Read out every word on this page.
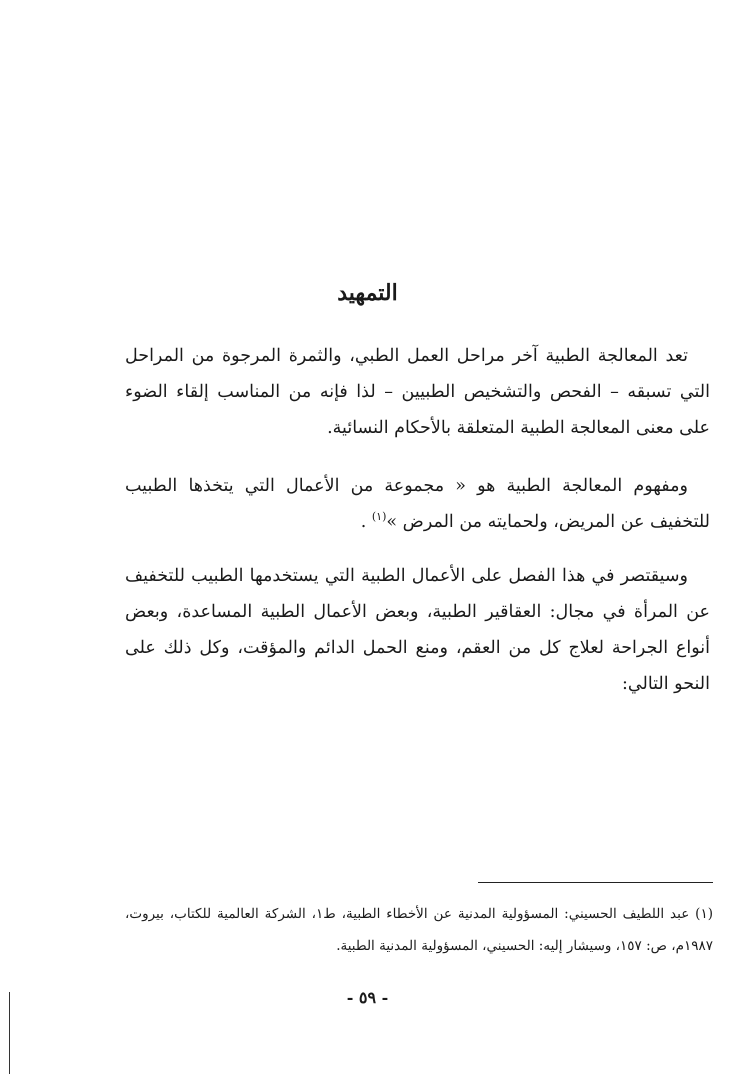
التمهيد

تعد المعالجة الطبية آخر مراحل العمل الطبي، والثمرة المرجوة من المراحل التي تسبقه – الفحص والتشخيص الطبيين – لذا فإنه من المناسب إلقاء الضوء على معنى المعالجة الطبية المتعلقة بالأحكام النسائية.

ومفهوم المعالجة الطبية هو « مجموعة من الأعمال التي يتخذها الطبيب للتخفيف عن المريض، ولحمايته من المرض »$^{(١)}$ .

وسيقتصر في هذا الفصل على الأعمال الطبية التي يستخدمها الطبيب للتخفيف عن المرأة في مجال: العقاقير الطبية، وبعض الأعمال الطبية المساعدة، وبعض أنواع الجراحة لعلاج كل من العقم، ومنع الحمل الدائم والمؤقت، وكل ذلك على النحو التالي:

(١) عبد اللطيف الحسيني: المسؤولية المدنية عن الأخطاء الطبية، ط١، الشركة العالمية للكتاب، بيروت، ١٩٨٧م، ص: ١٥٧، وسيشار إليه: الحسيني، المسؤولية المدنية الطبية.
- ٥٩ -
